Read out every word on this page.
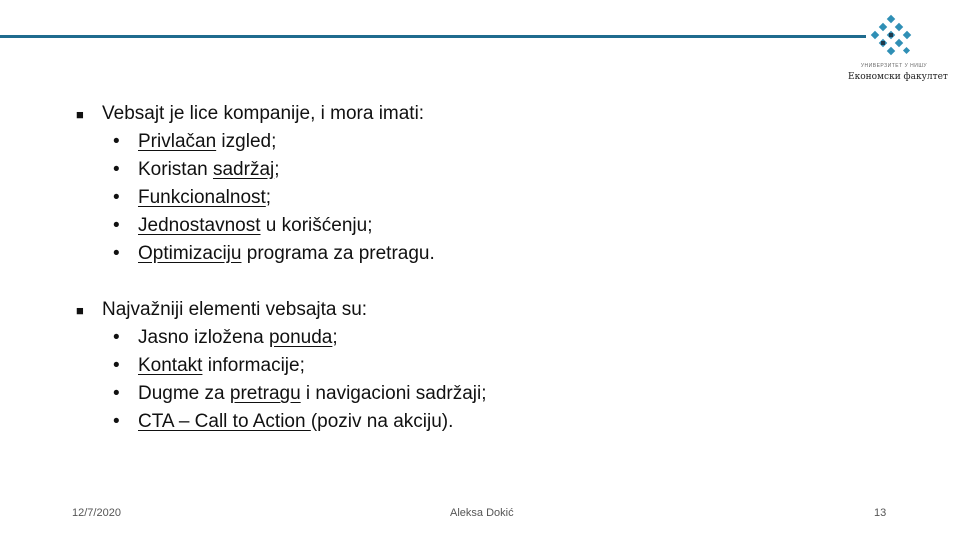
УНИВЕРЗИТЕТ У НИШУ
Економски факултет
■ Vebsajt je lice kompanije, i mora imati:
• Privlačan izgled;
• Koristan sadržaj;
• Funkcionalnost;
• Jednostavnost u korišćenju;
• Optimizaciju programa za pretragu.
■ Najvažniji elementi vebsajta su:
• Jasno izložena ponuda;
• Kontakt informacije;
• Dugme za pretragu i navigacioni sadržaji;
• CTA – Call to Action (poziv na akciju).
12/7/2020	Aleksa Dokić	13
